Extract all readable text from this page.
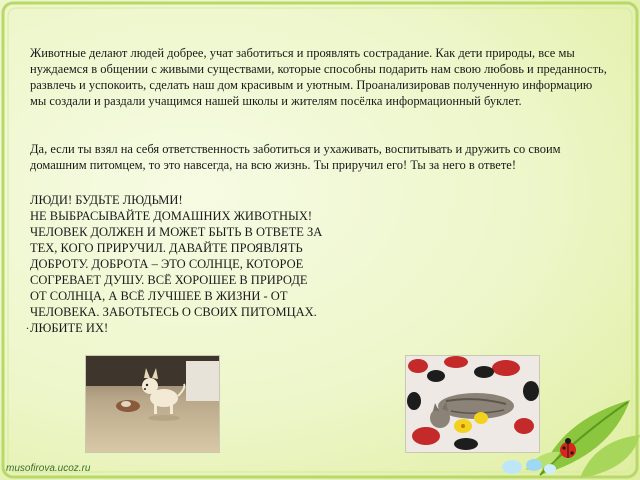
Животные делают людей добрее, учат заботиться и проявлять сострадание. Как дети природы, все мы нуждаемся в общении с живыми существами, которые способны подарить нам свою любовь и преданность, развлечь и успокоить, сделать наш дом красивым и уютным. Проанализировав полученную информацию мы создали и раздали учащимся нашей школы и жителям посёлка информационный буклет.

Да, если ты взял на себя ответственность заботиться и ухаживать, воспитывать и дружить со своим домашним питомцем, то это навсегда, на всю жизнь. Ты приручил его! Ты за него в ответе!

ЛЮДИ! БУДЬТЕ ЛЮДЬМИ!
НЕ ВЫБРАСЫВАЙТЕ ДОМАШНИХ ЖИВОТНЫХ!
ЧЕЛОВЕК ДОЛЖЕН И МОЖЕТ БЫТЬ В ОТВЕТЕ ЗА
ТЕХ, КОГО ПРИРУЧИЛ. ДАВАЙТЕ ПРОЯВЛЯТЬ
ДОБРОТУ. ДОБРОТА – ЭТО СОЛНЦЕ, КОТОРОЕ
СОГРЕВАЕТ ДУШУ. ВСЁ ХОРОШЕЕ В ПРИРОДЕ
ОТ СОЛНЦА, А ВСЁ ЛУЧШЕЕ В ЖИЗНИ - ОТ
ЧЕЛОВЕКА. ЗАБОТЬТЕСЬ О СВОИХ ПИТОМЦАХ.
ЛЮБИТЕ ИХ!
.
musofirova.ucoz.ru
